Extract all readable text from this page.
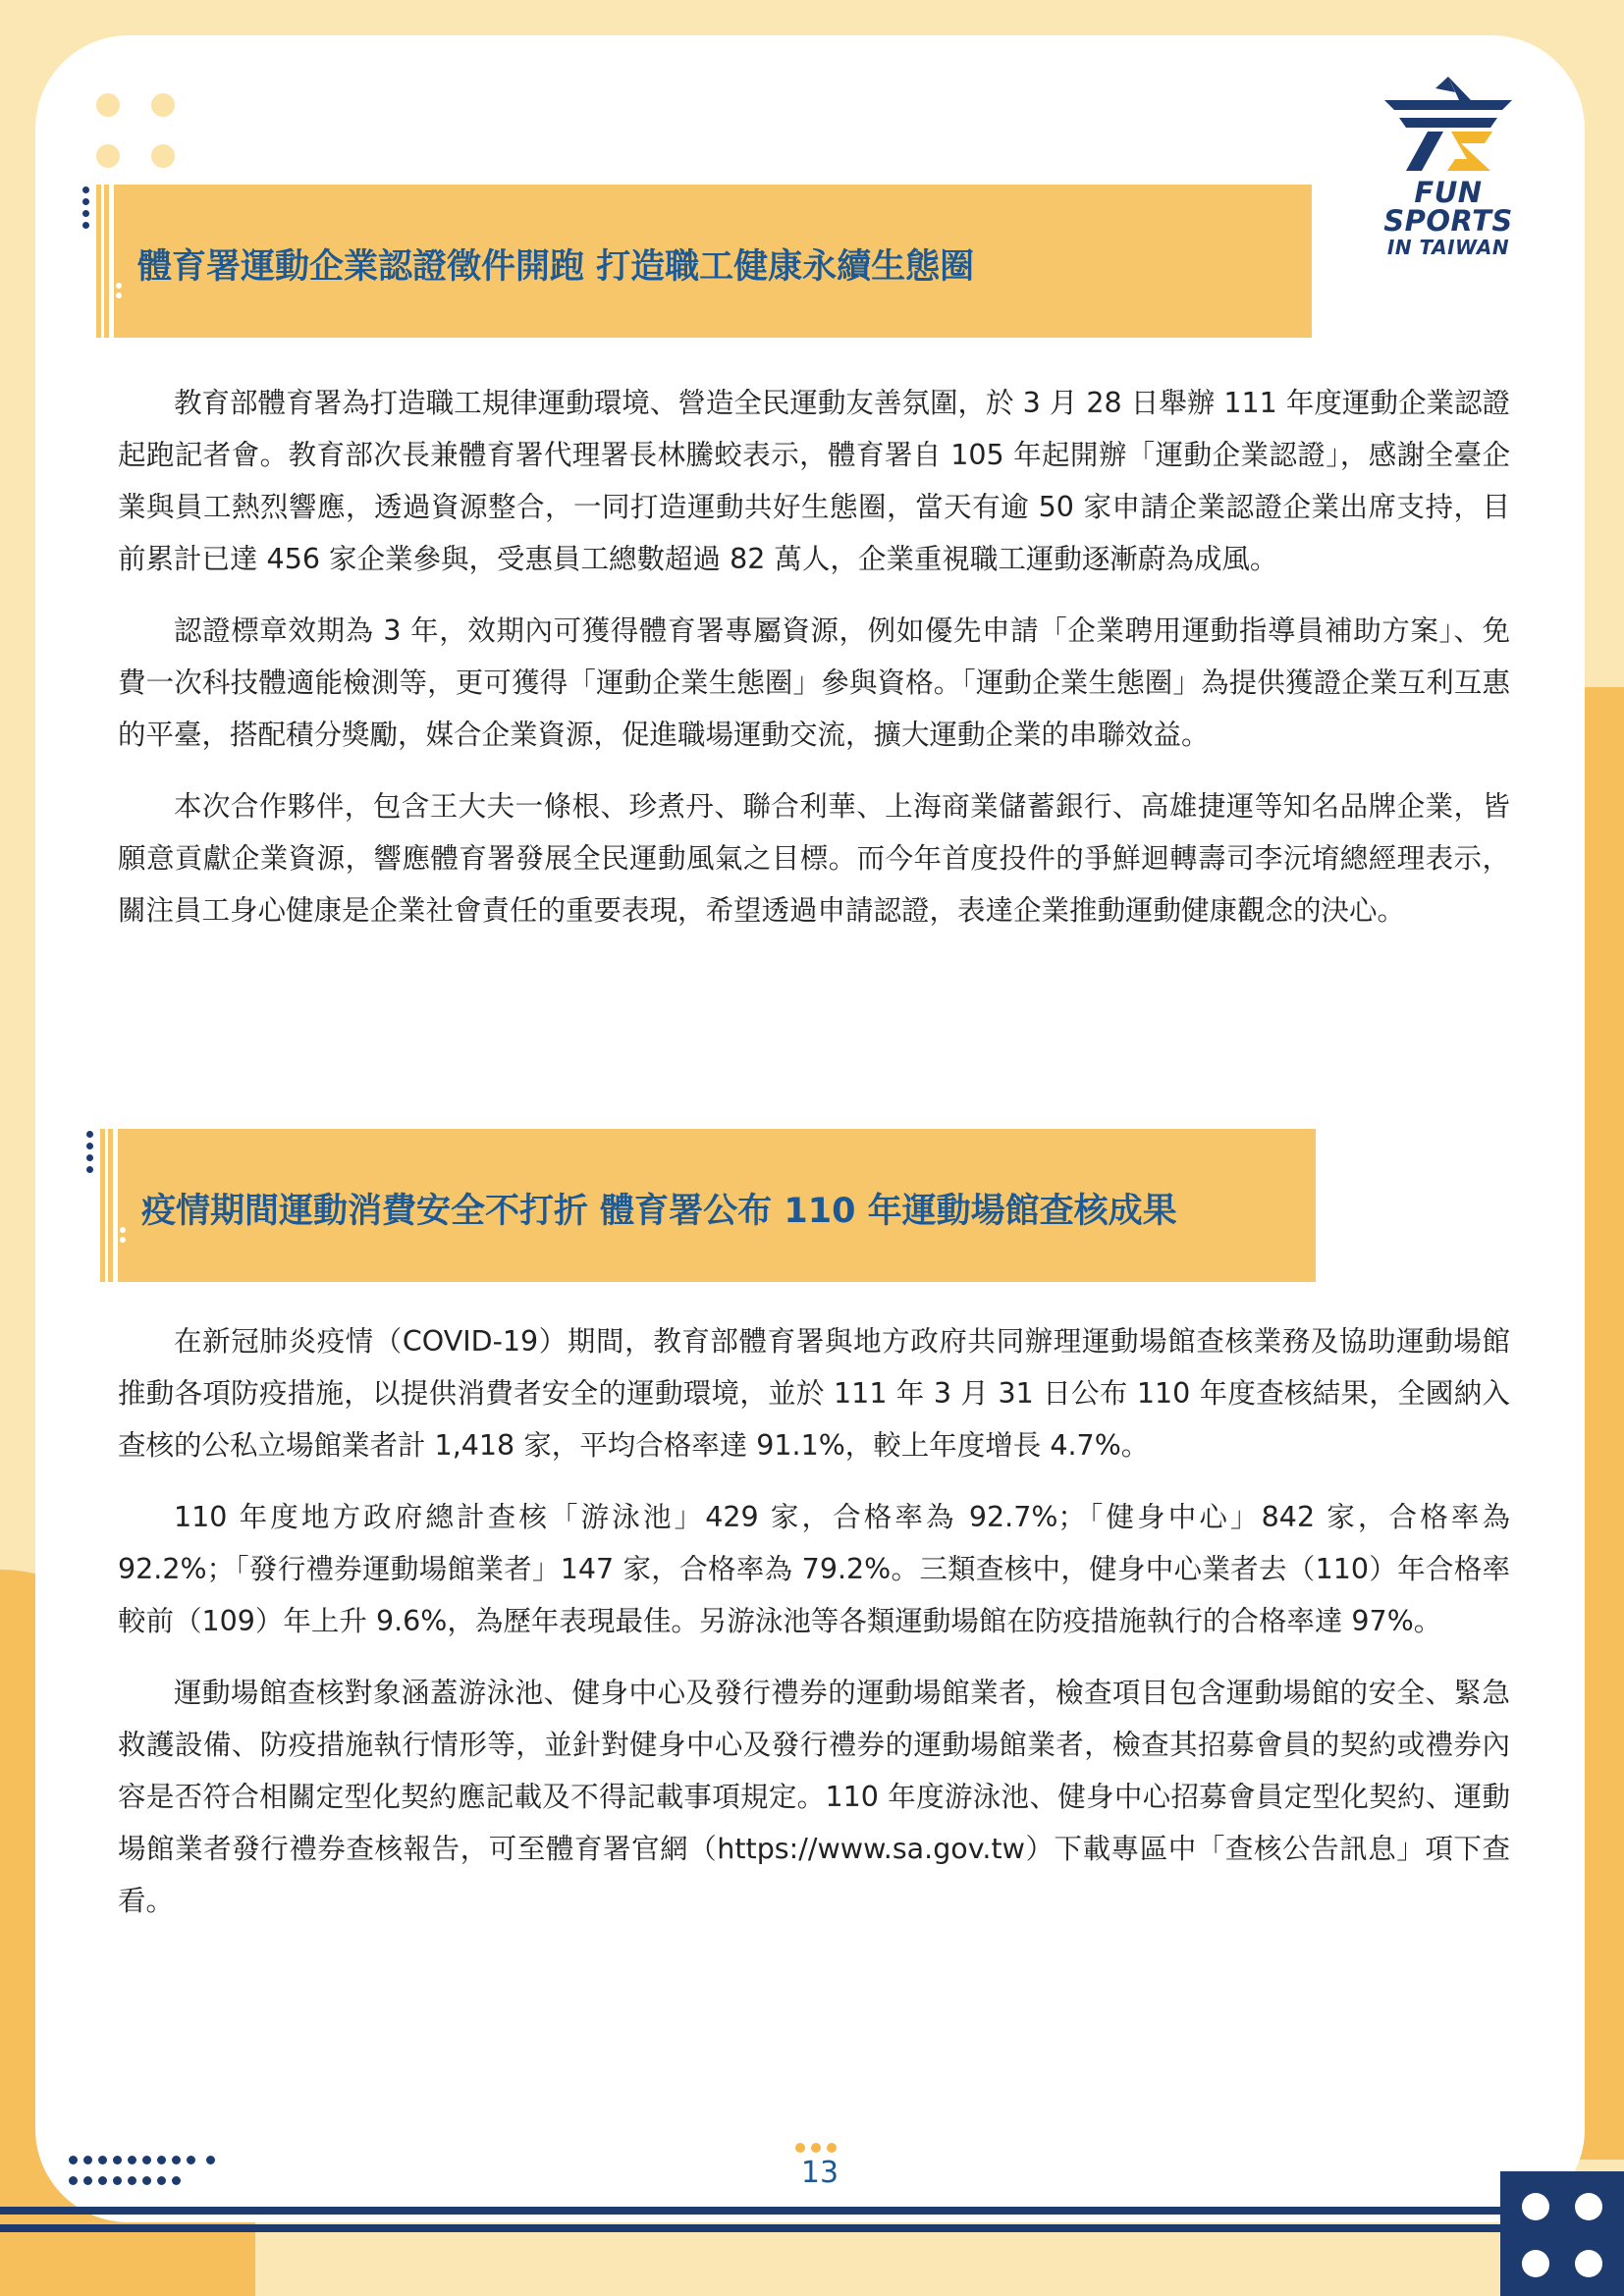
FUN SPORTS
IN TAIWAN
體育署運動企業認證徵件開跑 打造職工健康永續生態圈

教育部體育署為打造職工規律運動環境、營造全民運動友善氛圍，於 3 月 28 日舉辦 111 年度運動企業認證起跑記者會。教育部次長兼體育署代理署長林騰蛟表示，體育署自 105 年起開辦「運動企業認證」，感謝全臺企業與員工熱烈響應，透過資源整合，一同打造運動共好生態圈，當天有逾 50 家申請企業認證企業出席支持，目前累計已達 456 家企業參與，受惠員工總數超過 82 萬人，企業重視職工運動逐漸蔚為成風。

認證標章效期為 3 年，效期內可獲得體育署專屬資源，例如優先申請「企業聘用運動指導員補助方案」、免費一次科技體適能檢測等，更可獲得「運動企業生態圈」參與資格。「運動企業生態圈」為提供獲證企業互利互惠的平臺，搭配積分獎勵，媒合企業資源，促進職場運動交流，擴大運動企業的串聯效益。

本次合作夥伴，包含王大夫一條根、珍煮丹、聯合利華、上海商業儲蓄銀行、高雄捷運等知名品牌企業，皆願意貢獻企業資源，響應體育署發展全民運動風氣之目標。而今年首度投件的爭鮮迴轉壽司李沅堉總經理表示，關注員工身心健康是企業社會責任的重要表現，希望透過申請認證，表達企業推動運動健康觀念的決心。

疫情期間運動消費安全不打折 體育署公布 110 年運動場館查核成果

在新冠肺炎疫情（COVID-19）期間，教育部體育署與地方政府共同辦理運動場館查核業務及協助運動場館推動各項防疫措施，以提供消費者安全的運動環境，並於 111 年 3 月 31 日公布 110 年度查核結果，全國納入查核的公私立場館業者計 1,418 家，平均合格率達 91.1%，較上年度增長 4.7%。

110 年度地方政府總計查核「游泳池」429 家，合格率為 92.7%；「健身中心」842 家，合格率為 92.2%；「發行禮券運動場館業者」147 家，合格率為 79.2%。三類查核中，健身中心業者去（110）年合格率較前（109）年上升 9.6%，為歷年表現最佳。另游泳池等各類運動場館在防疫措施執行的合格率達 97%。

運動場館查核對象涵蓋游泳池、健身中心及發行禮券的運動場館業者，檢查項目包含運動場館的安全、緊急救護設備、防疫措施執行情形等，並針對健身中心及發行禮券的運動場館業者，檢查其招募會員的契約或禮券內容是否符合相關定型化契約應記載及不得記載事項規定。110 年度游泳池、健身中心招募會員定型化契約、運動場館業者發行禮券查核報告，可至體育署官網（https://www.sa.gov.tw）下載專區中「查核公告訊息」項下查看。

13
